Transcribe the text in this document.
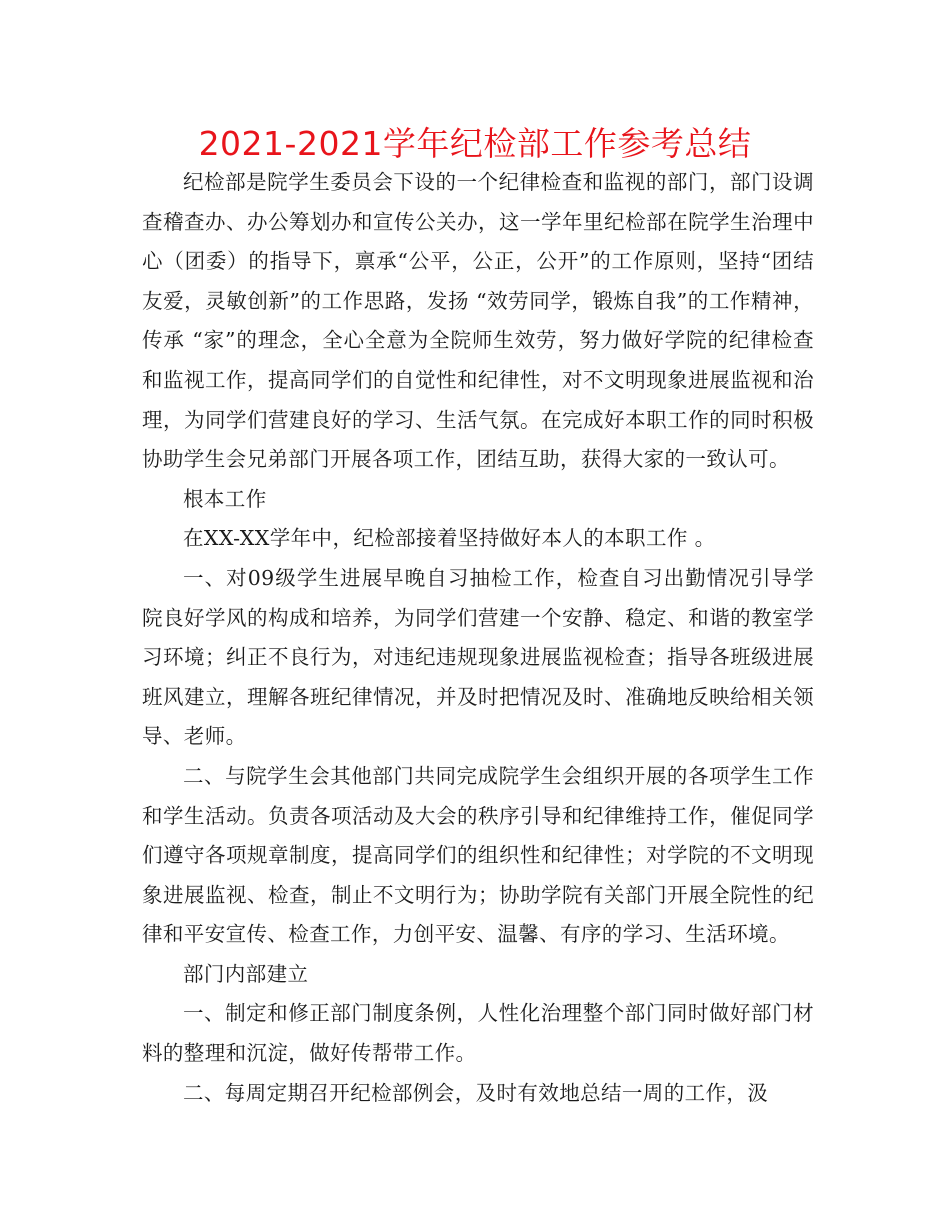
2021-2021学年纪检部工作参考总结

纪检部是院学生委员会下设的一个纪律检查和监视的部门，部门设调查稽查办、办公筹划办和宣传公关办，这一学年里纪检部在院学生治理中心（团委）的指导下，禀承“公平，公正，公开”的工作原则，坚持“团结友爱，灵敏创新”的工作思路，发扬 “效劳同学，锻炼自我”的工作精神，传承 “家”的理念，全心全意为全院师生效劳，努力做好学院的纪律检查和监视工作，提高同学们的自觉性和纪律性，对不文明现象进展监视和治理，为同学们营建良好的学习、生活气氛。在完成好本职工作的同时积极协助学生会兄弟部门开展各项工作，团结互助，获得大家的一致认可。

根本工作

在XX-XX学年中，纪检部接着坚持做好本人的本职工作 。

一、对09级学生进展早晚自习抽检工作，检查自习出勤情况引导学院良好学风的构成和培养，为同学们营建一个安静、稳定、和谐的教室学习环境；纠正不良行为，对违纪违规现象进展监视检查；指导各班级进展班风建立，理解各班纪律情况，并及时把情况及时、准确地反映给相关领导、老师。

二、与院学生会其他部门共同完成院学生会组织开展的各项学生工作和学生活动。负责各项活动及大会的秩序引导和纪律维持工作，催促同学们遵守各项规章制度，提高同学们的组织性和纪律性；对学院的不文明现象进展监视、检查，制止不文明行为；协助学院有关部门开展全院性的纪律和平安宣传、检查工作，力创平安、温馨、有序的学习、生活环境。

部门内部建立

一、制定和修正部门制度条例，人性化治理整个部门同时做好部门材料的整理和沉淀，做好传帮带工作。

二、每周定期召开纪检部例会，及时有效地总结一周的工作，汲
